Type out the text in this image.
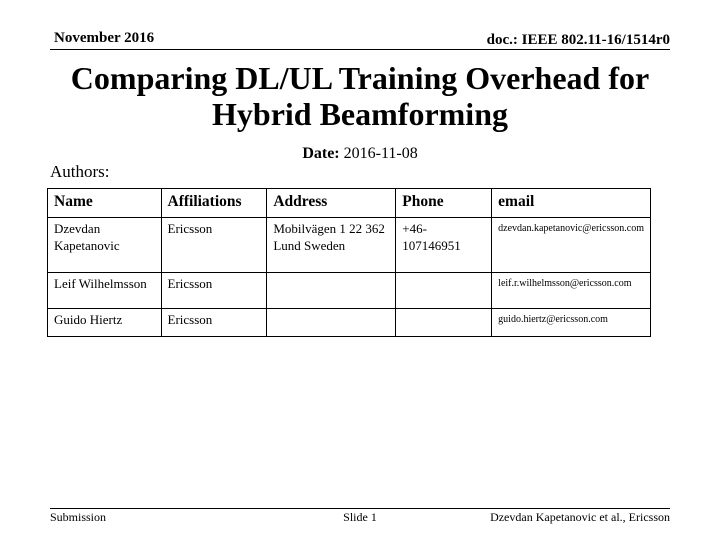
November 2016	doc.: IEEE 802.11-16/1514r0
Comparing DL/UL Training Overhead for Hybrid Beamforming
Date: 2016-11-08
Authors:
Name	Affiliations	Address	Phone	email
Dzevdan Kapetanovic	Ericsson	Mobilvägen 1 22 362 Lund Sweden	+46-107146951	dzevdan.kapetanovic@ericsson.com
Leif Wilhelmsson	Ericsson			leif.r.wilhelmsson@ericsson.com
Guido Hiertz	Ericsson			guido.hiertz@ericsson.com
Submission	Slide 1	Dzevdan Kapetanovic et al., Ericsson
